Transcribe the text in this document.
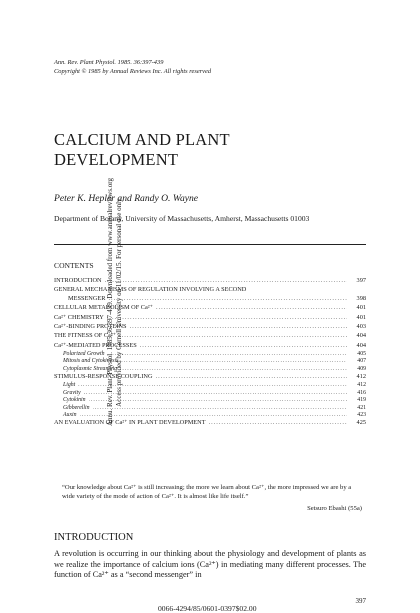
Annu. Rev. Plant. Physiol. 1985.36:397-439. Downloaded from www.annualreviews.org Access provided by Cornell University on 11/02/15. For personal use only.
Ann. Rev. Plant Physiol. 1985. 36:397-439
Copyright © 1985 by Annual Reviews Inc. All rights reserved
CALCIUM AND PLANT
DEVELOPMENT
Peter K. Hepler and Randy O. Wayne
Department of Botany, University of Massachusetts, Amherst, Massachusetts 01003
CONTENTS
INTRODUCTION .....	397
GENERAL MECHANISMS OF REGULATION INVOLVING A SECOND
MESSENGER .....	398
CELLULAR METABOLISM OF Ca²⁺ .....	401
Ca²⁺ CHEMISTRY .....	401
Ca²⁺-BINDING PROTEINS .....	403
THE FITNESS OF Ca²⁺ .....	404
Ca²⁺-MEDIATED PROCESSES .....	404
Polarized Growth .....	405
Mitosis and Cytokinesis .....	407
Cytoplasmic Streaming .....	409
STIMULUS-RESPONSE COUPLING .....	412
Light .....	412
Gravity .....	416
Cytokinin .....	419
Gibberellin .....	421
Auxin .....	423
AN EVALUATION OF Ca²⁺ IN PLANT DEVELOPMENT .....	425
“Our knowledge about Ca²⁺ is still increasing; the more we learn about Ca²⁺, the more impressed we are by a wide variety of the mode of action of Ca²⁺. It is almost like life itself.”
Setsuro Ebashi (55a)
INTRODUCTION
A revolution is occurring in our thinking about the physiology and development of plants as we realize the importance of calcium ions (Ca²⁺) in mediating many different processes. The function of Ca²⁺ as a “second messenger” in
397
0066-4294/85/0601-0397$02.00
